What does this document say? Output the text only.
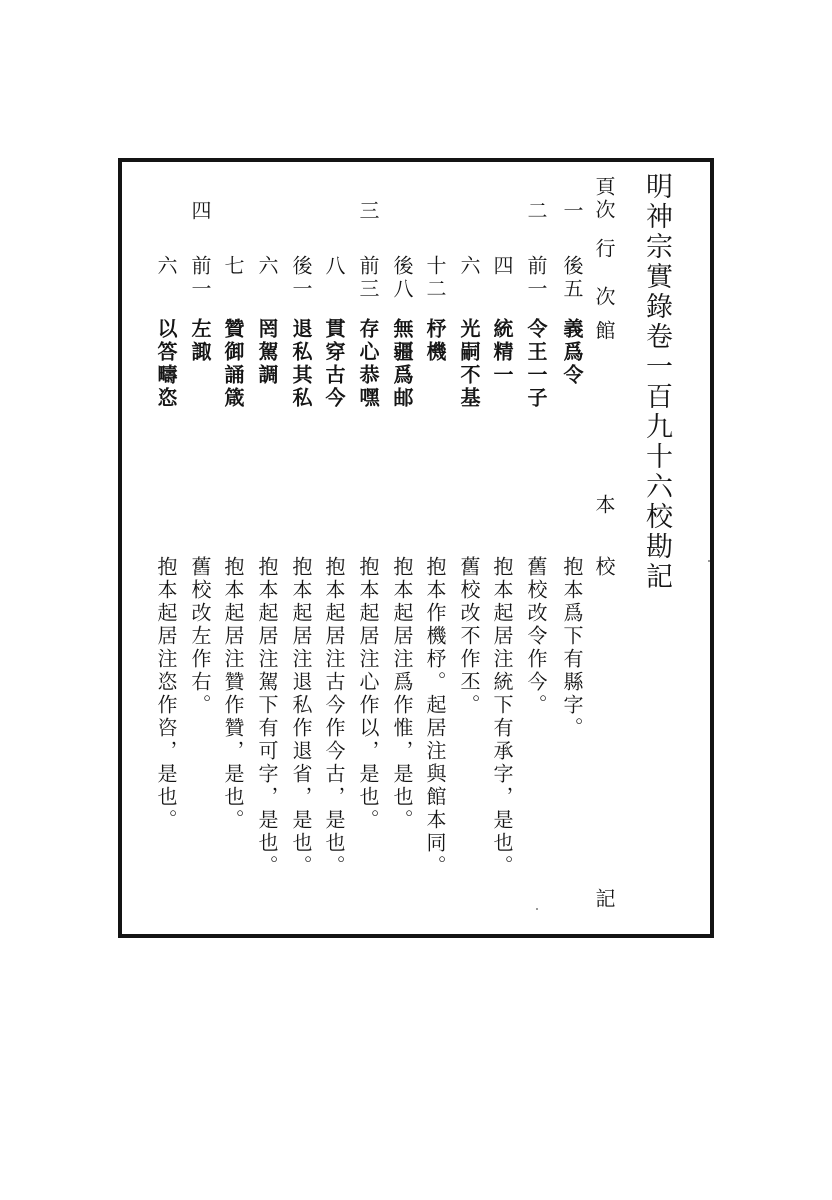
明神宗實錄卷一百九十六校勘記
頁次
行
次
館
本
校
記
一
後五
義爲令
抱本爲下有縣字。
二
前一
令王一子
舊校改令作今。
四
統精一
抱本起居注統下有承字，是也。
六
光嗣不基
舊校改不作丕。
十二
杼機
抱本作機杼。起居注與館本同。
後八
無疆爲邮
抱本起居注爲作惟，是也。
三
前三
存心恭嘿
抱本起居注心作以，是也。
八
貫穿古今
抱本起居注古今作今古，是也。
後一
退私其私
抱本起居注退私作退省，是也。
六
罔駕調
抱本起居注駕下有可字，是也。
七
贊御誦箴
抱本起居注贊作贊，是也。
四
前一
左諏
舊校改左作右。
六
以答疇恣
抱本起居注恣作咨，是也。
